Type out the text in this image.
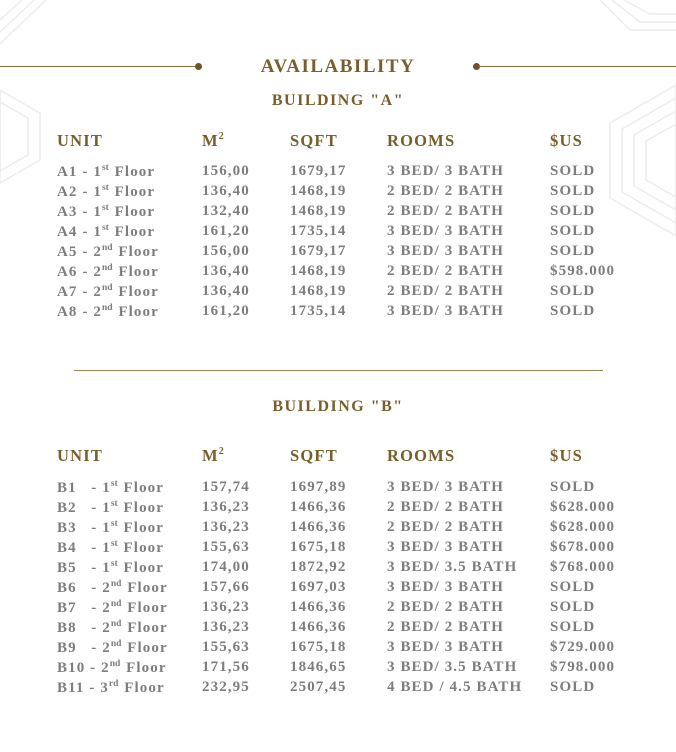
AVAILABILITY
BUILDING "A"
UNIT	$M^2$	SQFT	ROOMS	$US
A1 - 1st Floor	156,00	1679,17	3 BED/ 3 BATH	SOLD
A2 - 1st Floor	136,40	1468,19	2 BED/ 2 BATH	SOLD
A3 - 1st Floor	132,40	1468,19	2 BED/ 2 BATH	SOLD
A4 - 1st Floor	161,20	1735,14	3 BED/ 3 BATH	SOLD
A5 - 2nd Floor	156,00	1679,17	3 BED/ 3 BATH	SOLD
A6 - 2nd Floor	136,40	1468,19	2 BED/ 2 BATH	$598.000
A7 - 2nd Floor	136,40	1468,19	2 BED/ 2 BATH	SOLD
A8 - 2nd Floor	161,20	1735,14	3 BED/ 3 BATH	SOLD
BUILDING "B"
UNIT	$M^2$	SQFT	ROOMS	$US
B1   - 1st Floor	157,74	1697,89	3 BED/ 3 BATH	SOLD
B2   - 1st Floor	136,23	1466,36	2 BED/ 2 BATH	$628.000
B3   - 1st Floor	136,23	1466,36	2 BED/ 2 BATH	$628.000
B4   - 1st Floor	155,63	1675,18	3 BED/ 3 BATH	$678.000
B5   - 1st Floor	174,00	1872,92	3 BED/ 3.5 BATH $768.000
B6   - 2nd Floor 157,66	1697,03	3 BED/ 3 BATH	SOLD
B7   - 2nd Floor 136,23	1466,36	2 BED/ 2 BATH	SOLD
B8   - 2nd Floor 136,23	1466,36	2 BED/ 2 BATH	SOLD
B9   - 2nd Floor 155,63	1675,18	3 BED/ 3 BATH	$729.000
B10 - 2nd Floor 171,56	1846,65	3 BED/ 3.5 BATH $798.000
B11 - 3rd Floor 232,95	2507,45	4 BED / 4.5 BATH SOLD
